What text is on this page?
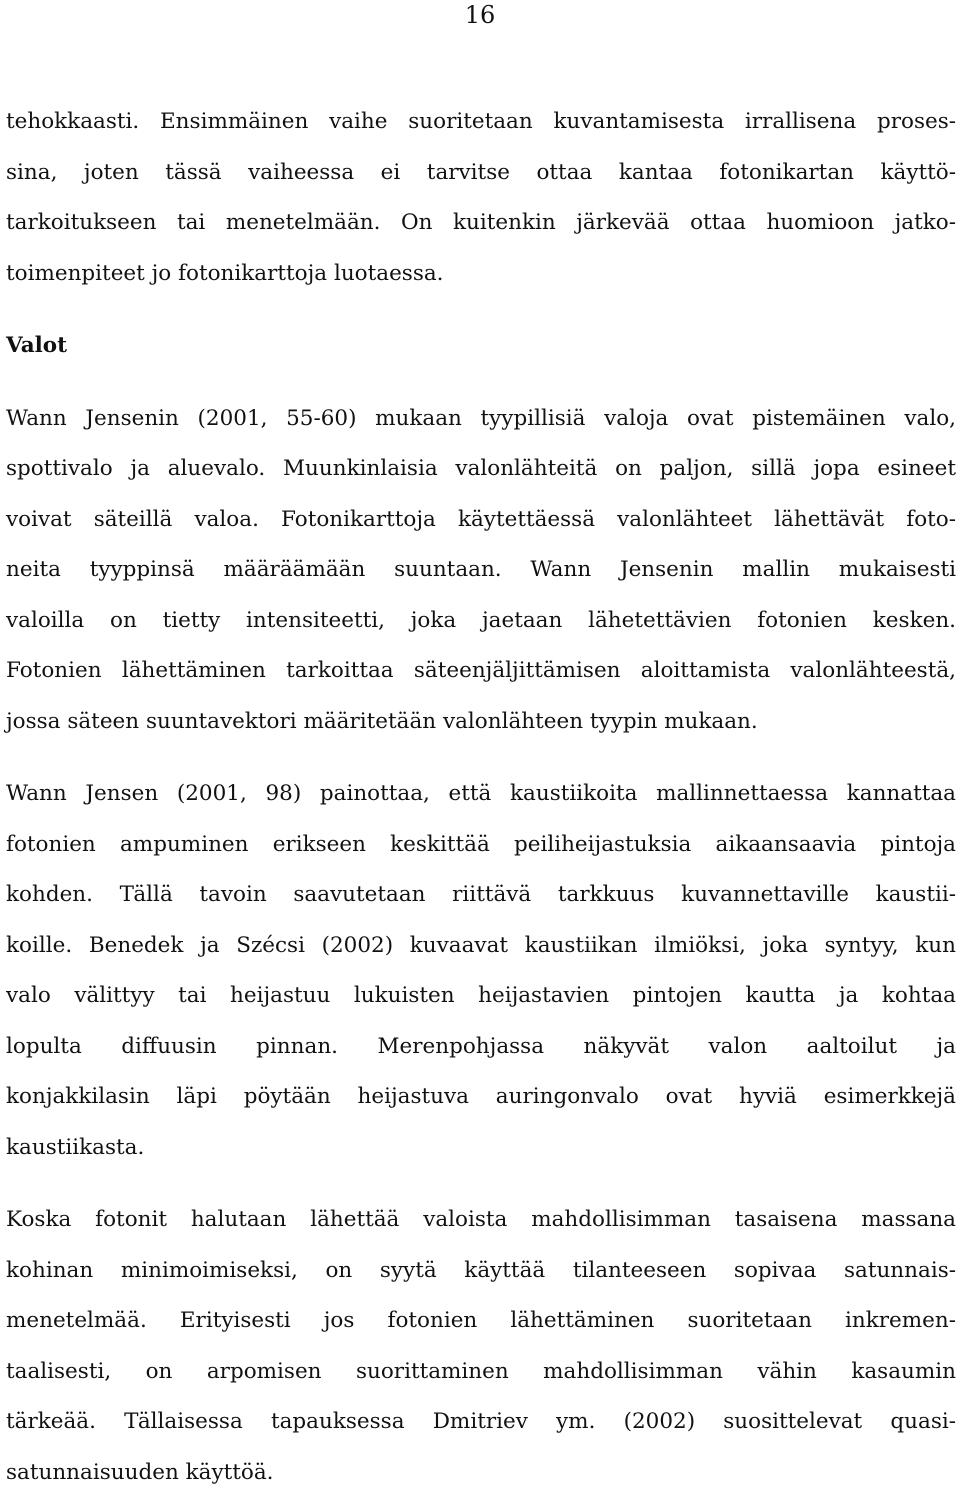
16
tehokkaasti. Ensimmäinen vaihe suoritetaan kuvantamisesta irrallisena proses-
sina, joten tässä vaiheessa ei tarvitse ottaa kantaa fotonikartan käyttö-
tarkoitukseen tai menetelmään. On kuitenkin järkevää ottaa huomioon jatko-
toimenpiteet jo fotonikarttoja luotaessa.
Valot
Wann Jensenin (2001, 55-60) mukaan tyypillisiä valoja ovat pistemäinen valo,
spottivalo ja aluevalo. Muunkinlaisia valonlähteitä on paljon, sillä jopa esineet
voivat säteillä valoa. Fotonikarttoja käytettäessä valonlähteet lähettävät foto-
neita tyyppinsä määräämään suuntaan. Wann Jensenin mallin mukaisesti
valoilla on tietty intensiteetti, joka jaetaan lähetettävien fotonien kesken.
Fotonien lähettäminen tarkoittaa säteenjäljittämisen aloittamista valonlähteestä,
jossa säteen suuntavektori määritetään valonlähteen tyypin mukaan.
Wann Jensen (2001, 98) painottaa, että kaustiikoita mallinnettaessa kannattaa
fotonien ampuminen erikseen keskittää peiliheijastuksia aikaansaavia pintoja
kohden. Tällä tavoin saavutetaan riittävä tarkkuus kuvannettaville kaustii-
koille. Benedek ja Szécsi (2002) kuvaavat kaustiikan ilmiöksi, joka syntyy, kun
valo välittyy tai heijastuu lukuisten heijastavien pintojen kautta ja kohtaa
lopulta diffuusin pinnan. Merenpohjassa näkyvät valon aaltoilut ja
konjakkilasin läpi pöytään heijastuva auringonvalo ovat hyviä esimerkkejä
kaustiikasta.
Koska fotonit halutaan lähettää valoista mahdollisimman tasaisena massana
kohinan minimoimiseksi, on syytä käyttää tilanteeseen sopivaa satunnais-
menetelmää. Erityisesti jos fotonien lähettäminen suoritetaan inkremen-
taalisesti, on arpomisen suorittaminen mahdollisimman vähin kasaumin
tärkeää. Tällaisessa tapauksessa Dmitriev ym. (2002) suosittelevat quasi-
satunnaisuuden käyttöä.
